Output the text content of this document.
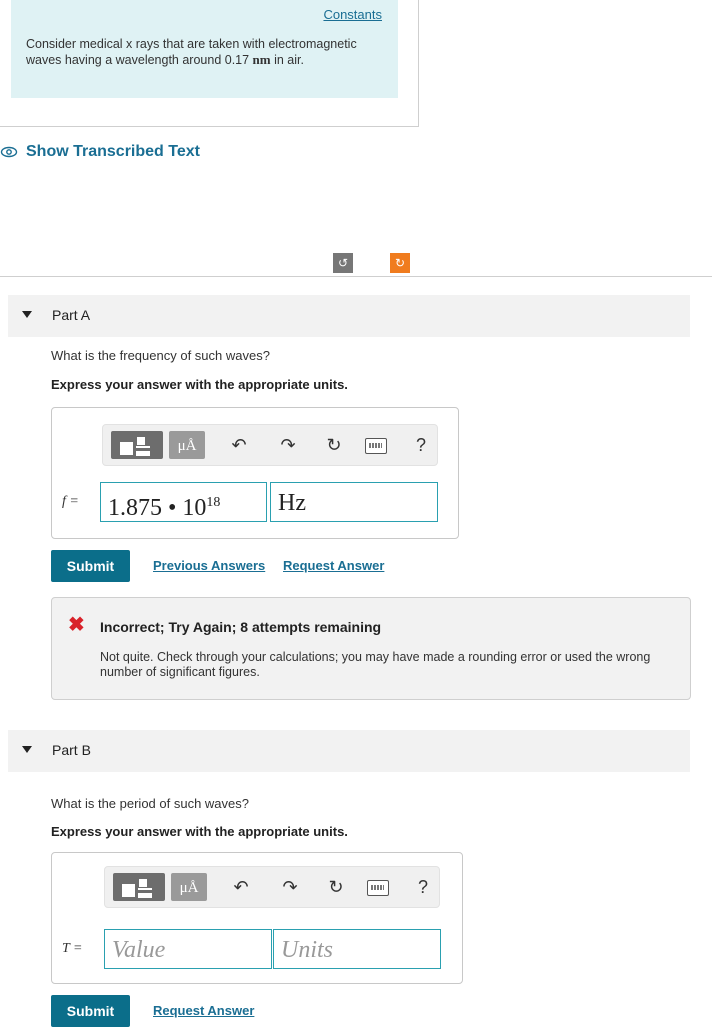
Constants
Consider medical x rays that are taken with electromagnetic waves having a wavelength around 0.17 nm in air.
Show Transcribed Text
↺	↻
Part A
What is the frequency of such waves?
Express your answer with the appropriate units.
μÅ	↶ ↷ ↻	?
f =	1.875 • $10^{18}$	Hz
Submit	Previous Answers Request Answer
✖ Incorrect; Try Again; 8 attempts remaining
Not quite. Check through your calculations; you may have made a rounding error or used the wrong number of significant figures.
Part B
What is the period of such waves?
Express your answer with the appropriate units.
μÅ	↶ ↷ ↻	?
T =	Value	Units
Submit	Request Answer
